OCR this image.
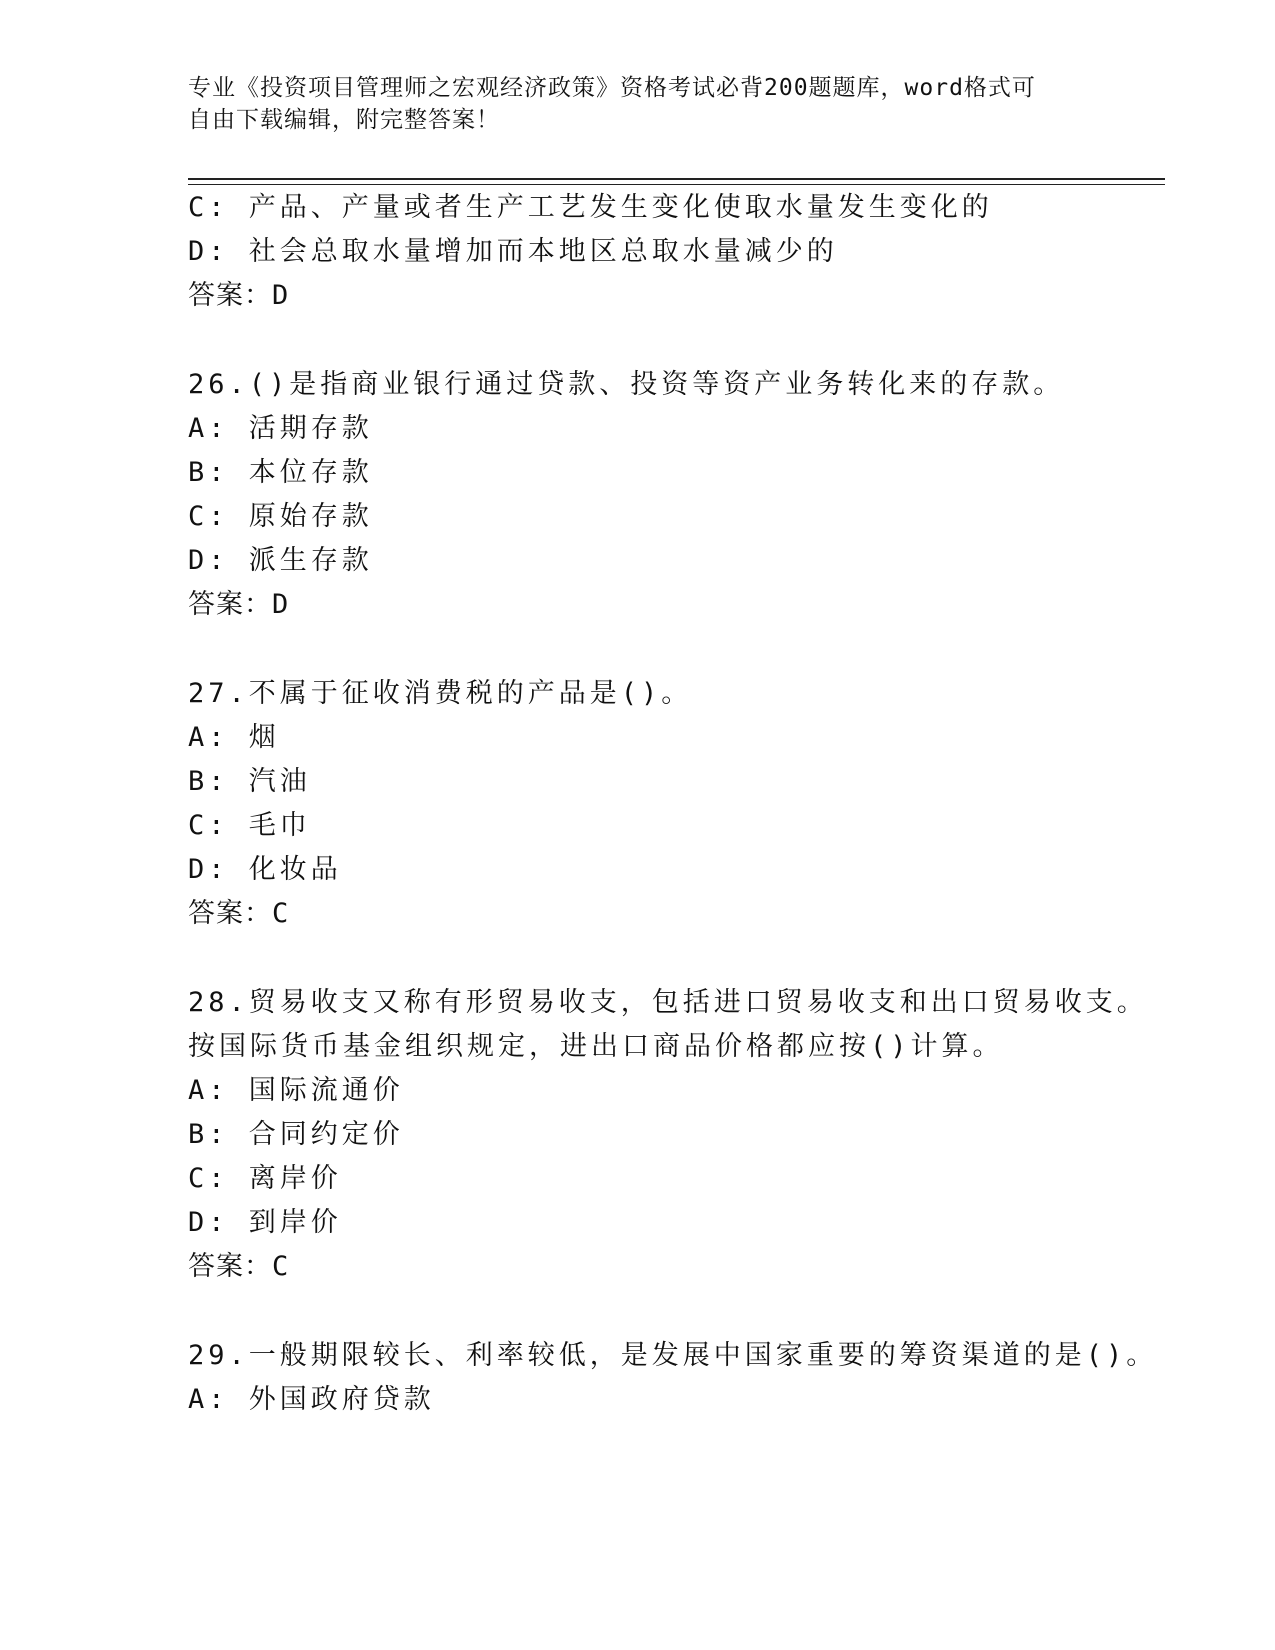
专业《投资项目管理师之宏观经济政策》资格考试必背200题题库，word格式可
自由下载编辑，附完整答案！
C: 产品、产量或者生产工艺发生变化使取水量发生变化的
D: 社会总取水量增加而本地区总取水量减少的
答案：D
26.()是指商业银行通过贷款、投资等资产业务转化来的存款。
A: 活期存款
B: 本位存款
C: 原始存款
D: 派生存款
答案：D
27.不属于征收消费税的产品是()。
A: 烟
B: 汽油
C: 毛巾
D: 化妆品
答案：C
28.贸易收支又称有形贸易收支，包括进口贸易收支和出口贸易收支。
按国际货币基金组织规定，进出口商品价格都应按()计算。
A: 国际流通价
B: 合同约定价
C: 离岸价
D: 到岸价
答案：C
29.一般期限较长、利率较低，是发展中国家重要的筹资渠道的是()。
A: 外国政府贷款
